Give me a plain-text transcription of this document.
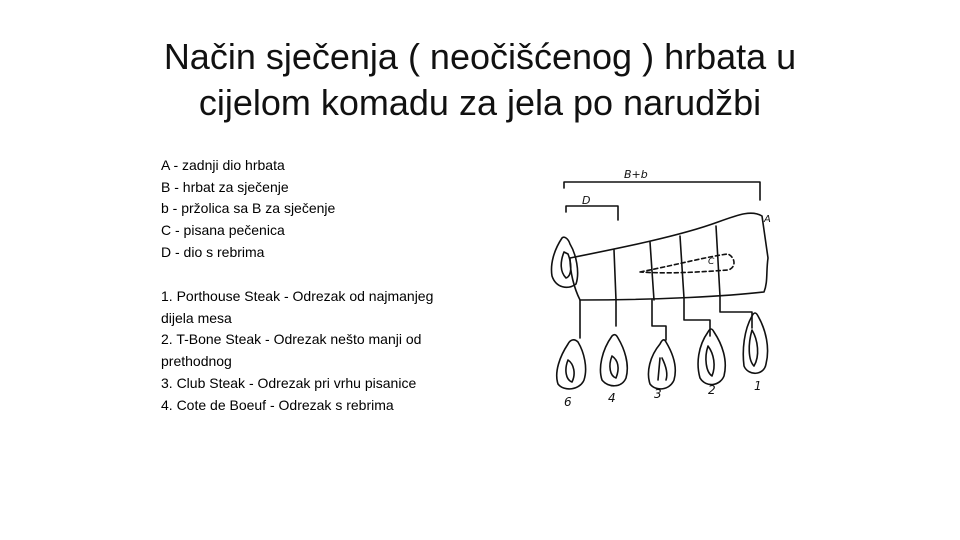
Način sječenja ( neočišćenog ) hrbata u
cijelom komadu za jela po narudžbi
A - zadnji dio hrbata
B - hrbat za sječenje
b - pržolica sa B za sječenje
C - pisana pečenica
D - dio s rebrima
1. Porthouse Steak - Odrezak od najmanjeg
dijela mesa
2. T-Bone Steak - Odrezak nešto manji od
prethodnog
3. Club Steak - Odrezak pri vrhu pisanice
4. Cote de Boeuf - Odrezak s rebrima
B+b
D
A
C
6	4	3	2	1
